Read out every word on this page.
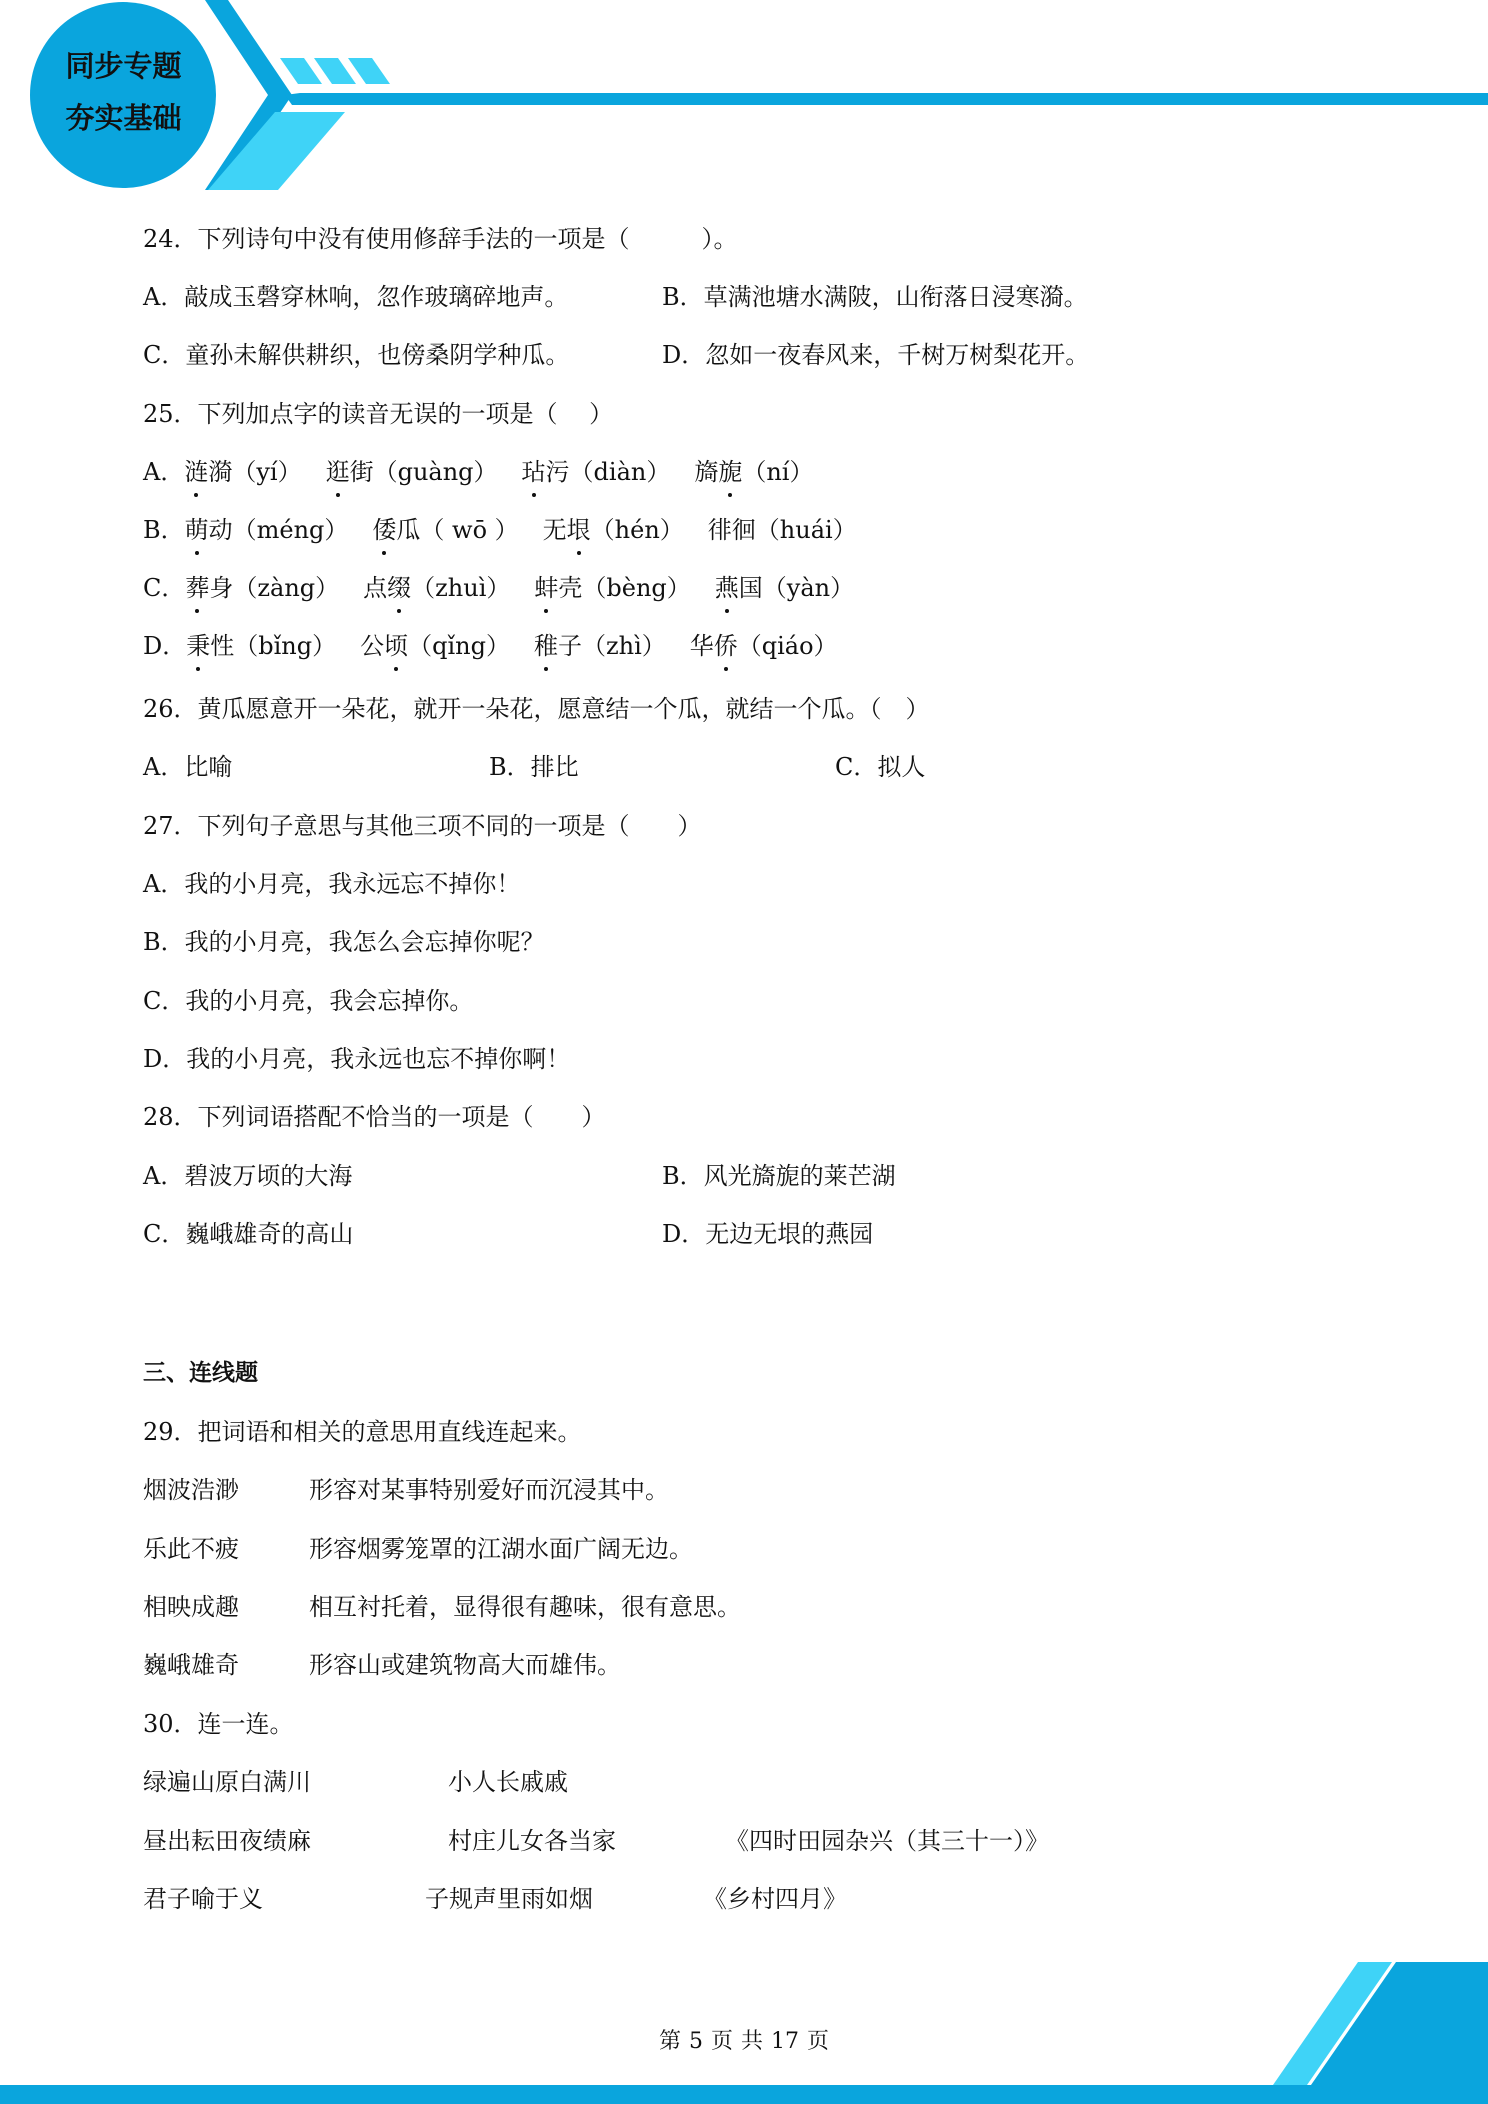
同步专题
夯实基础
24．下列诗句中没有使用修辞手法的一项是（　　　）。
A．敲成玉磬穿林响，忽作玻璃碎地声。	B．草满池塘水满陂，山衔落日浸寒漪。
C．童孙未解供耕织，也傍桑阴学种瓜。	D．忽如一夜春风来，千树万树梨花开。
25．下列加点字的读音无误的一项是（　 ）
A．涟漪（yí）  逛街（guàng）  玷污（diàn）  旖旎（ní）
B．萌动（méng）  倭瓜（ wō ）  无垠（hén）  徘徊（huái）
C．葬身（zàng）  点缀（zhuì）  蚌壳（bèng）  燕国（yàn）
D．秉性（bǐng）  公顷（qǐng）  稚子（zhì）  华侨（qiáo）
26．黄瓜愿意开一朵花，就开一朵花，愿意结一个瓜，就结一个瓜。（　）
A．比喻	B．排比	C．拟人
27．下列句子意思与其他三项不同的一项是（　　）
A．我的小月亮，我永远忘不掉你！
B．我的小月亮，我怎么会忘掉你呢？
C．我的小月亮，我会忘掉你。
D．我的小月亮，我永远也忘不掉你啊！
28．下列词语搭配不恰当的一项是（　　）
A．碧波万顷的大海	B．风光旖旎的莱芒湖
C．巍峨雄奇的高山	D．无边无垠的燕园
三、连线题
29．把词语和相关的意思用直线连起来。
烟波浩渺	形容对某事特别爱好而沉浸其中。
乐此不疲	形容烟雾笼罩的江湖水面广阔无边。
相映成趣	相互衬托着，显得很有趣味，很有意思。
巍峨雄奇	形容山或建筑物高大而雄伟。
30．连一连。
绿遍山原白满川	小人长戚戚
昼出耘田夜绩麻	村庄儿女各当家	《四时田园杂兴（其三十一）》
君子喻于义	子规声里雨如烟	《乡村四月》
第 5 页 共 17 页
